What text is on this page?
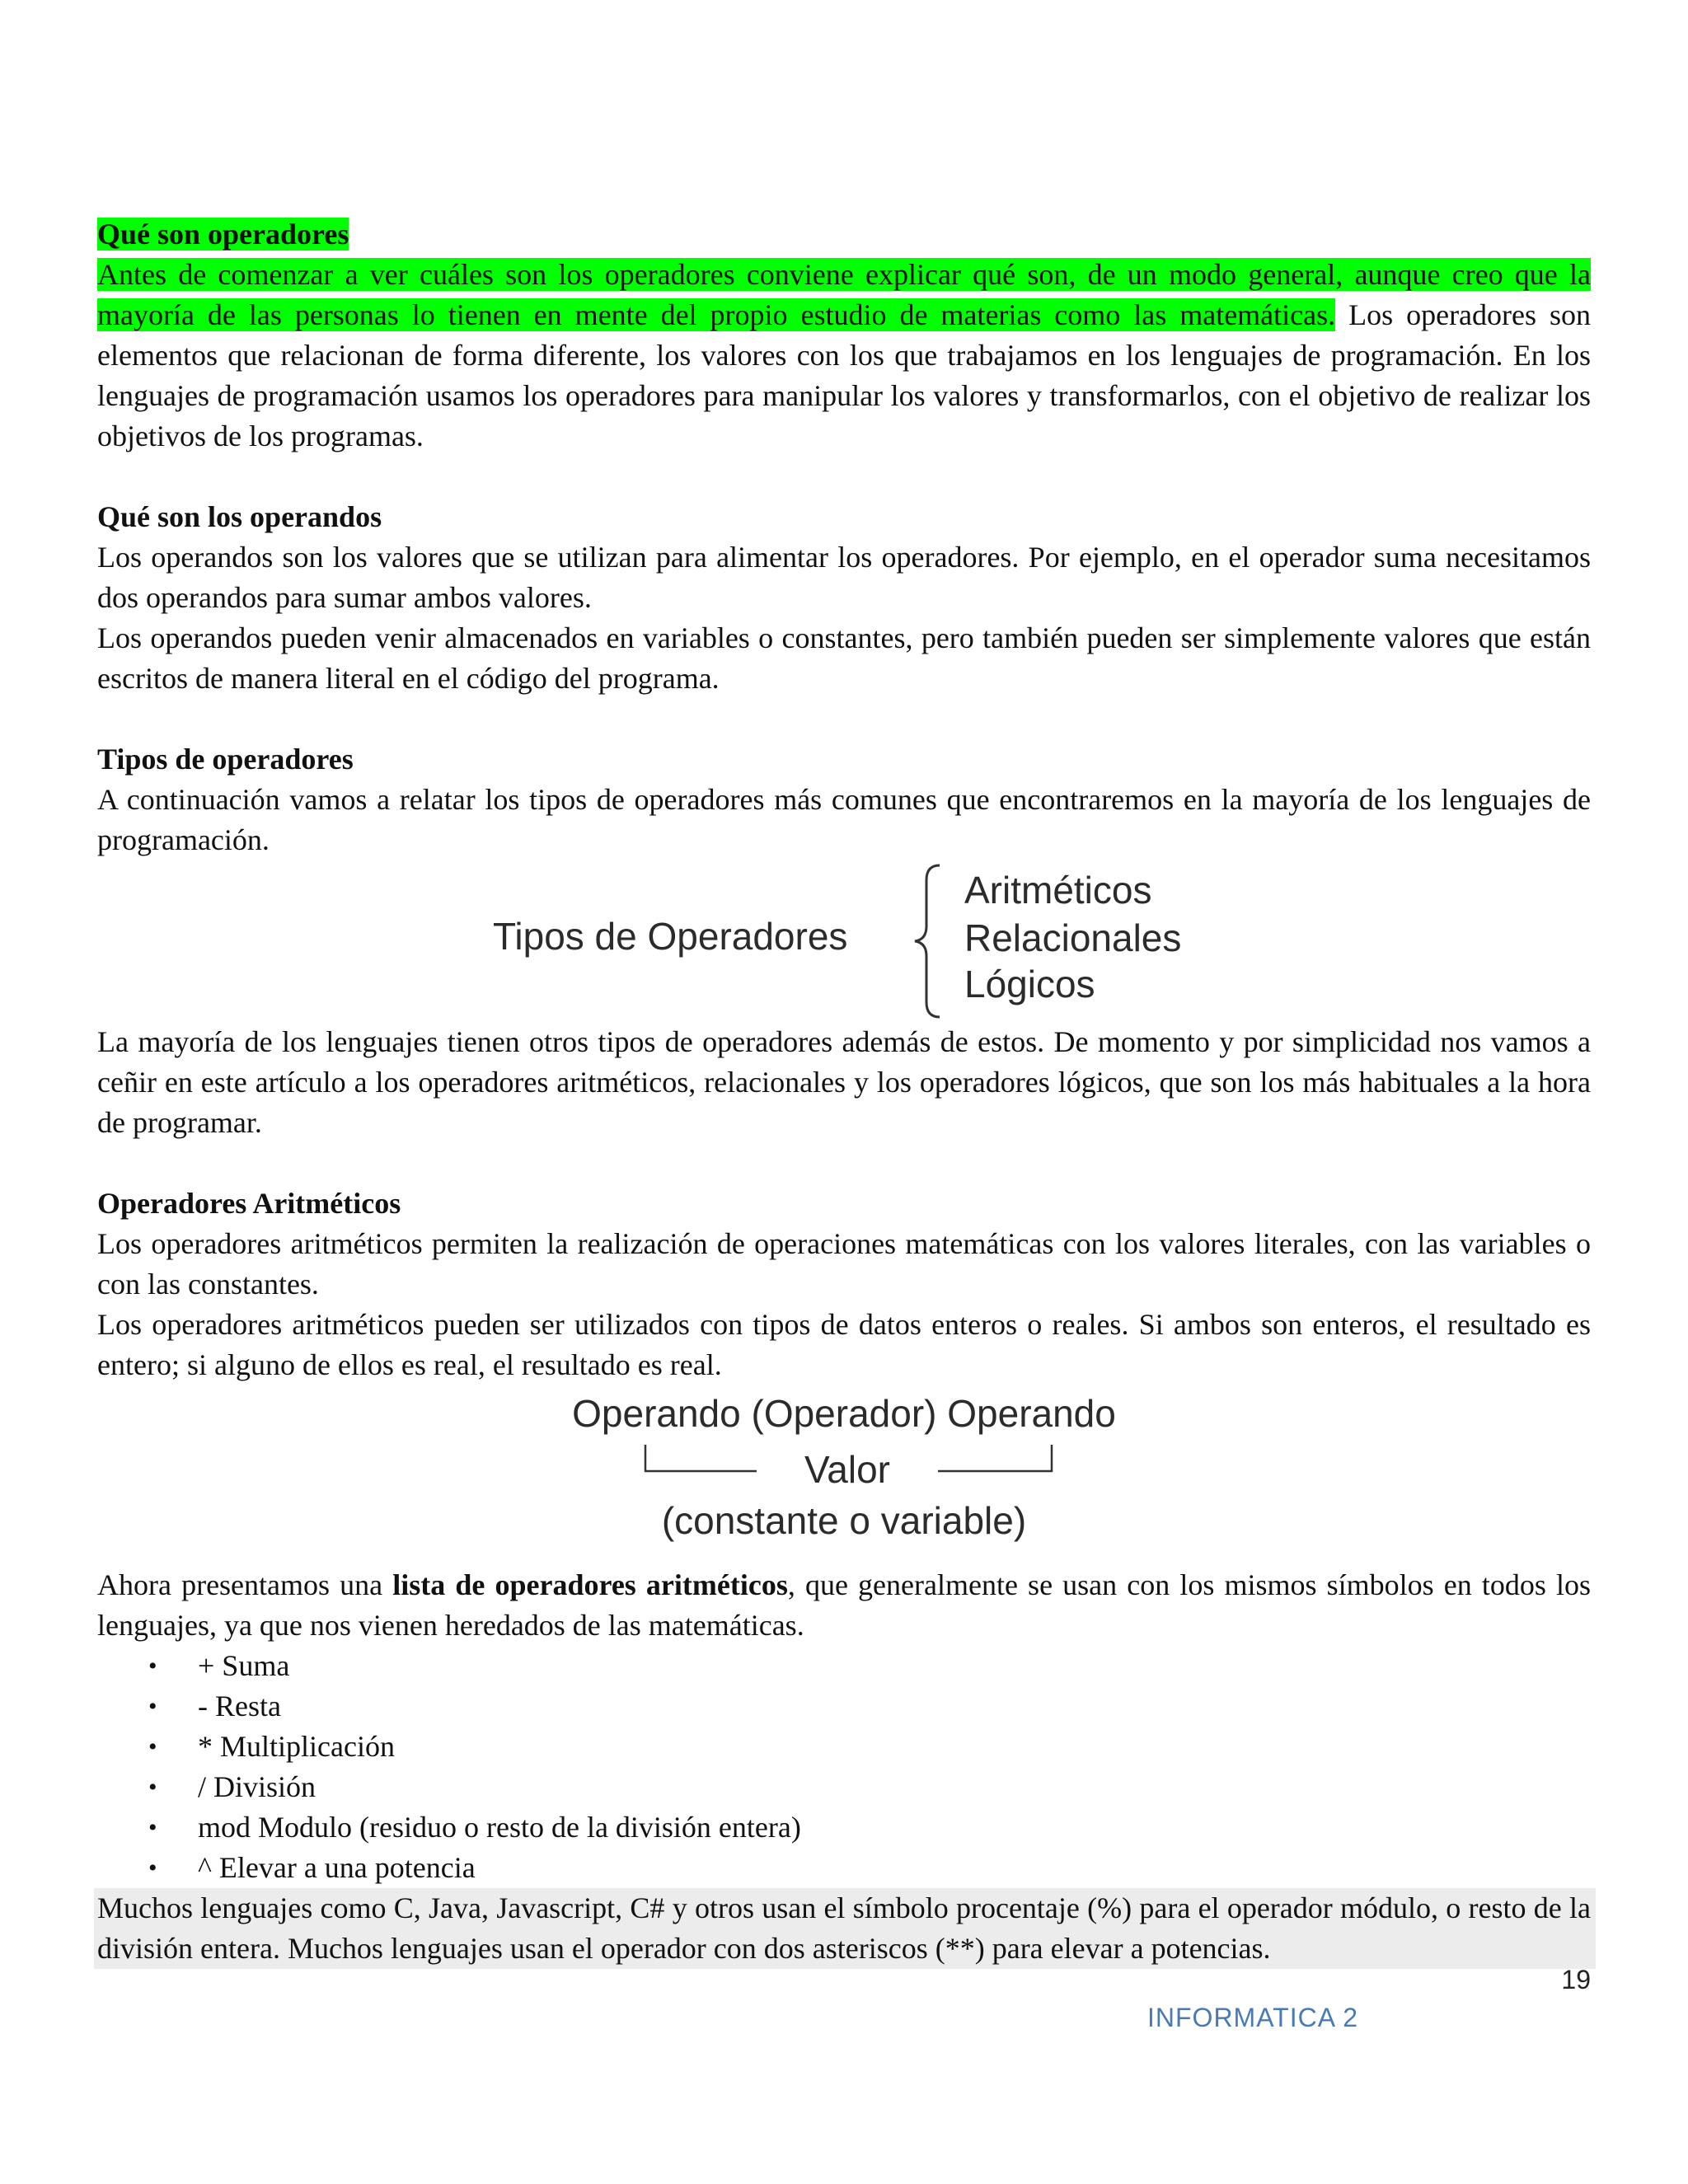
Qué son operadores

Antes de comenzar a ver cuáles son los operadores conviene explicar qué son, de un modo general, aunque creo que la mayoría de las personas lo tienen en mente del propio estudio de materias como las matemáticas. Los operadores son elementos que relacionan de forma diferente, los valores con los que trabajamos en los lenguajes de programación. En los lenguajes de programación usamos los operadores para manipular los valores y transformarlos, con el objetivo de realizar los objetivos de los programas.

Qué son los operandos

Los operandos son los valores que se utilizan para alimentar los operadores. Por ejemplo, en el operador suma necesitamos dos operandos para sumar ambos valores.

Los operandos pueden venir almacenados en variables o constantes, pero también pueden ser simplemente valores que están escritos de manera literal en el código del programa.

Tipos de operadores

A continuación vamos a relatar los tipos de operadores más comunes que encontraremos en la mayoría de los lenguajes de programación.

Tipos de Operadores
Aritméticos
Relacionales
Lógicos

La mayoría de los lenguajes tienen otros tipos de operadores además de estos. De momento y por simplicidad nos vamos a ceñir en este artículo a los operadores aritméticos, relacionales y los operadores lógicos, que son los más habituales a la hora de programar.

Operadores Aritméticos

Los operadores aritméticos permiten la realización de operaciones matemáticas con los valores literales, con las variables o con las constantes.

Los operadores aritméticos pueden ser utilizados con tipos de datos enteros o reales. Si ambos son enteros, el resultado es entero; si alguno de ellos es real, el resultado es real.

Operando (Operador) Operando
Valor
(constante o variable)

Ahora presentamos una lista de operadores aritméticos, que generalmente se usan con los mismos símbolos en todos los lenguajes, ya que nos vienen heredados de las matemáticas.

• + Suma
• - Resta
• * Multiplicación
• / División
• mod Modulo (residuo o resto de la división entera)
• ^ Elevar a una potencia

Muchos lenguajes como C, Java, Javascript, C# y otros usan el símbolo procentaje (%) para el operador módulo, o resto de la división entera. Muchos lenguajes usan el operador con dos asteriscos (**) para elevar a potencias.

19
INFORMATICA 2
